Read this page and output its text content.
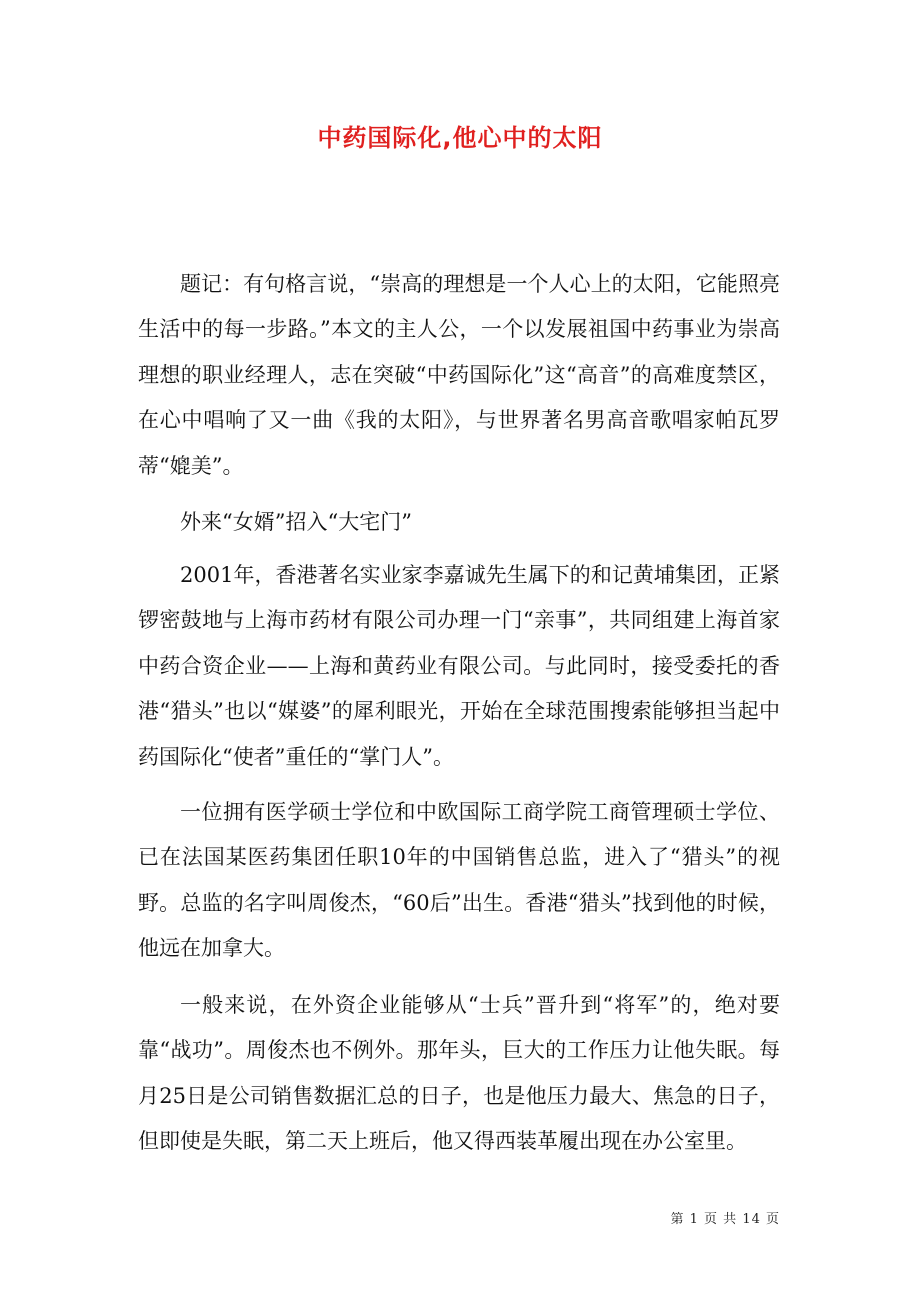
中药国际化,他心中的太阳

题记：有句格言说，“崇高的理想是一个人心上的太阳，它能照亮生活中的每一步路。”本文的主人公，一个以发展祖国中药事业为崇高理想的职业经理人，志在突破“中药国际化”这“高音”的高难度禁区，在心中唱响了又一曲《我的太阳》，与世界著名男高音歌唱家帕瓦罗蒂“媲美”。

外来“女婿”招入“大宅门”

2001年，香港著名实业家李嘉诚先生属下的和记黄埔集团，正紧锣密鼓地与上海市药材有限公司办理一门“亲事”，共同组建上海首家中药合资企业——上海和黄药业有限公司。与此同时，接受委托的香港“猎头”也以“媒婆”的犀利眼光，开始在全球范围搜索能够担当起中药国际化“使者”重任的“掌门人”。

一位拥有医学硕士学位和中欧国际工商学院工商管理硕士学位、已在法国某医药集团任职10年的中国销售总监，进入了“猎头”的视野。总监的名字叫周俊杰，“60后”出生。香港“猎头”找到他的时候，他远在加拿大。

一般来说，在外资企业能够从“士兵”晋升到“将军”的，绝对要靠“战功”。周俊杰也不例外。那年头，巨大的工作压力让他失眠。每月25日是公司销售数据汇总的日子，也是他压力最大、焦急的日子，但即使是失眠，第二天上班后，他又得西装革履出现在办公室里。

第 1 页 共 14 页
